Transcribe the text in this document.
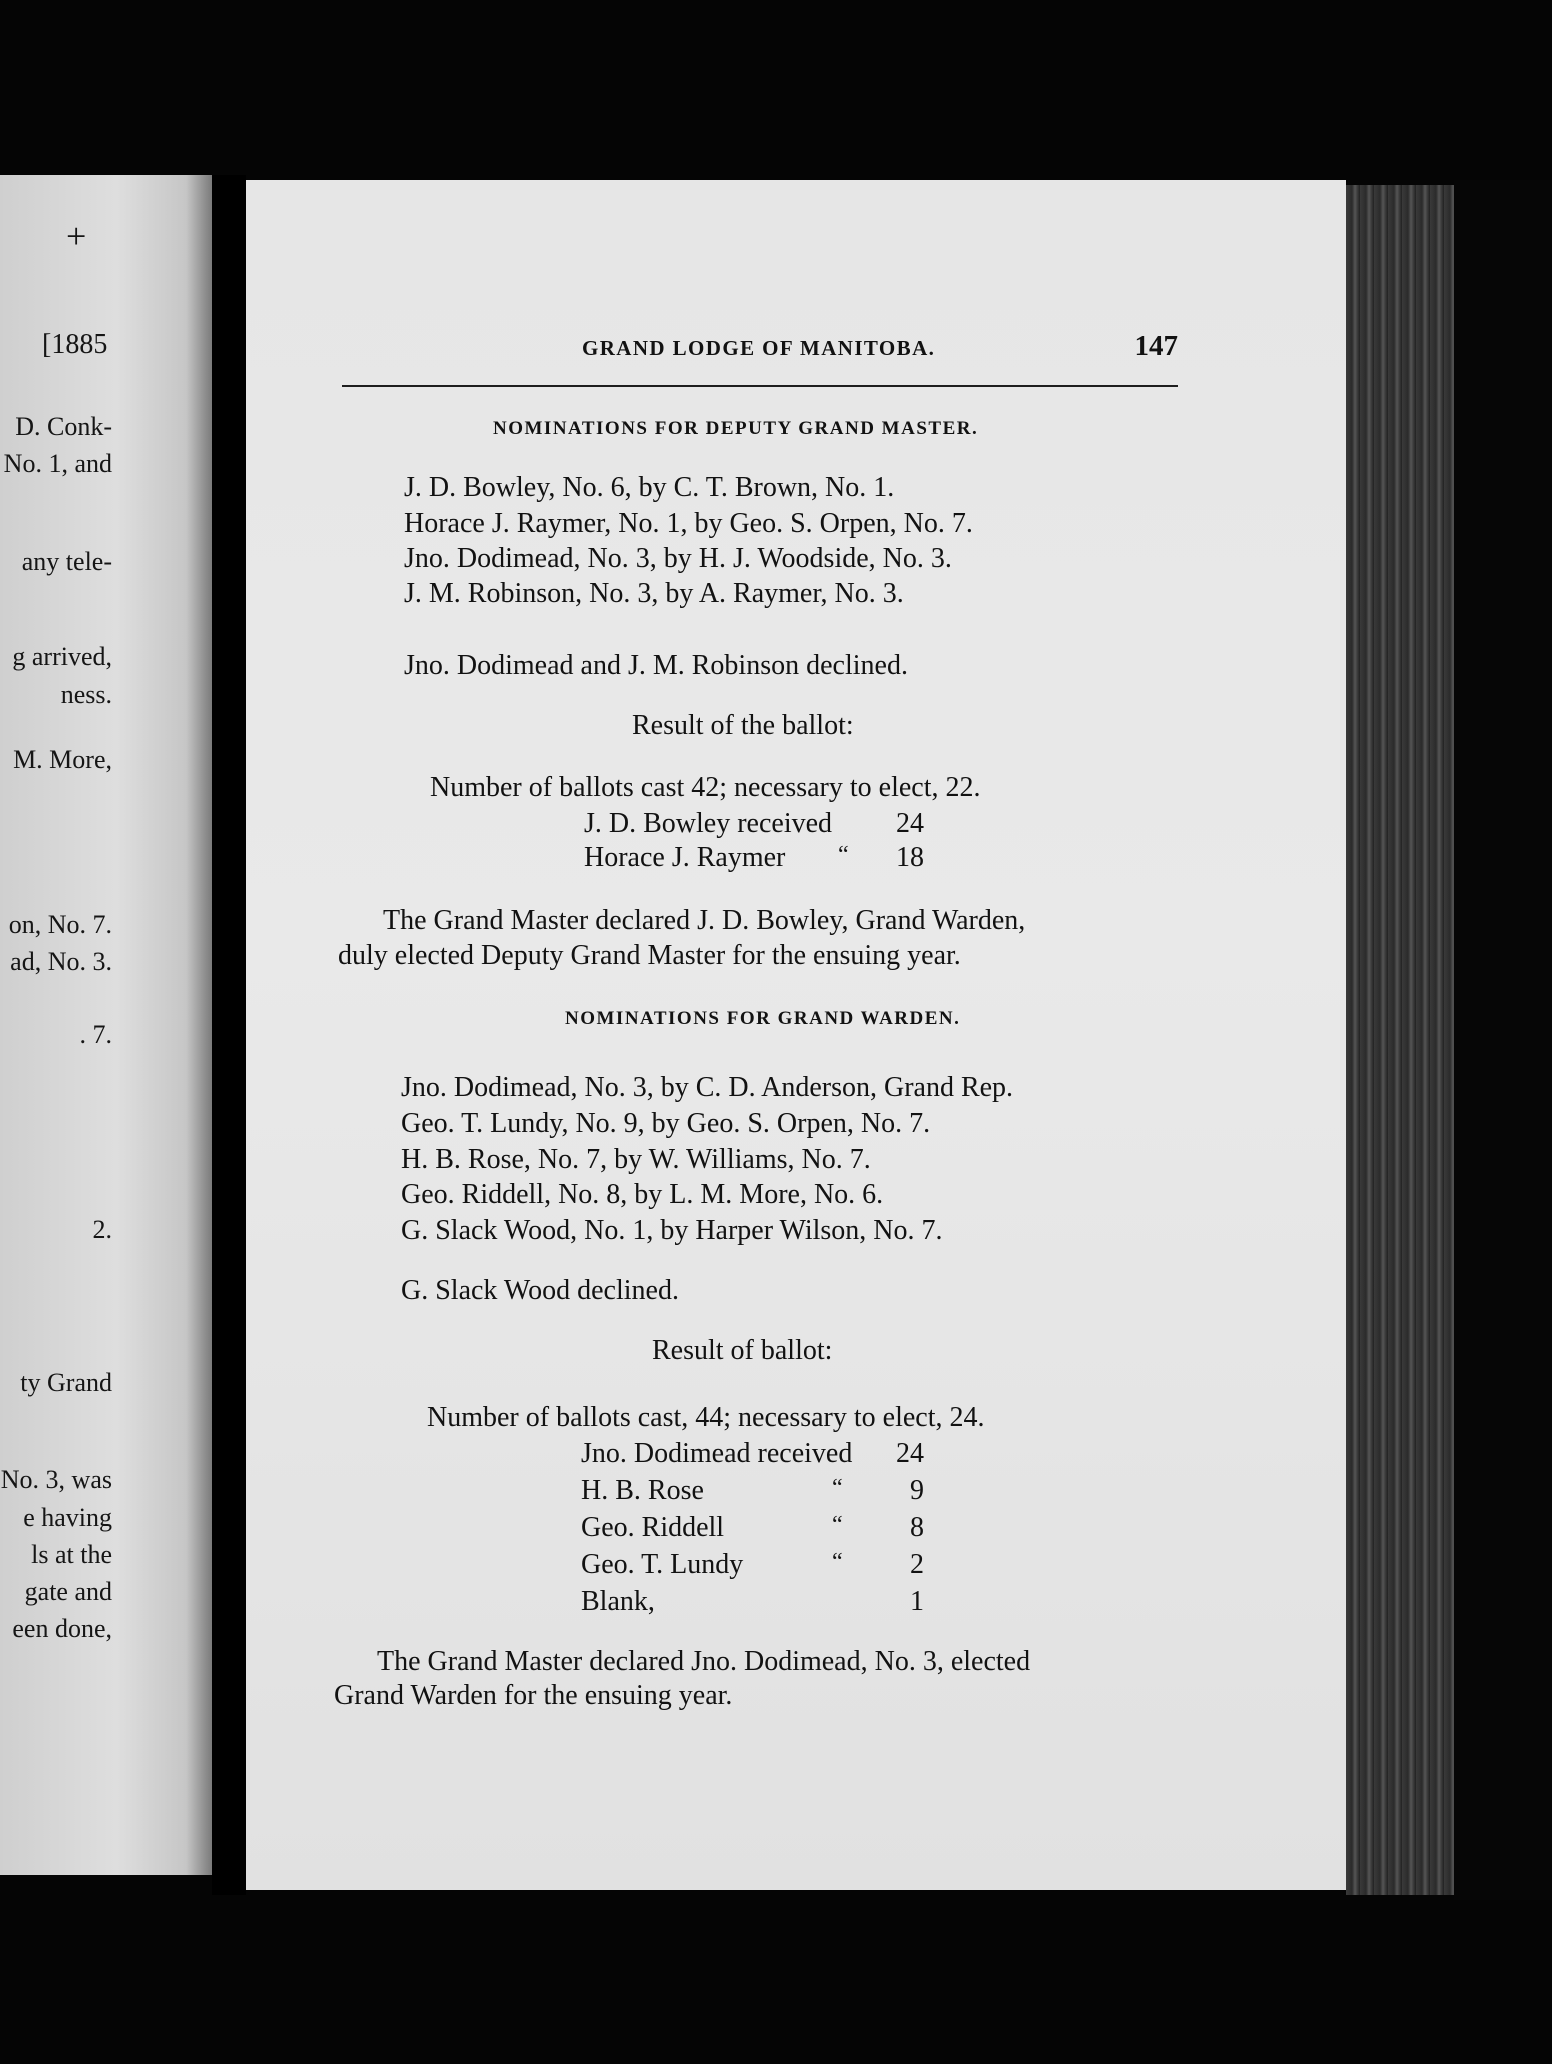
+
[1885
D. Conk-
No. 1, and
any tele-
g arrived,
ness.
M. More,
on, No. 7.
ad, No. 3.
. 7.
2.
ty Grand
No. 3, was
e having
ls at the
gate and
een done,
GRAND LODGE OF MANITOBA.	147
NOMINATIONS FOR DEPUTY GRAND MASTER.
J. D. Bowley, No. 6, by C. T. Brown, No. 1.
Horace J. Raymer, No. 1, by Geo. S. Orpen, No. 7.
Jno. Dodimead, No. 3, by H. J. Woodside, No. 3.
J. M. Robinson, No. 3, by A. Raymer, No. 3.
Jno. Dodimead and J. M. Robinson declined.
Result of the ballot:
Number of ballots cast 42; necessary to elect, 22.
J. D. Bowley received 24
Horace J. Raymer “ 18
The Grand Master declared J. D. Bowley, Grand Warden,
duly elected Deputy Grand Master for the ensuing year.
NOMINATIONS FOR GRAND WARDEN.
Jno. Dodimead, No. 3, by C. D. Anderson, Grand Rep.
Geo. T. Lundy, No. 9, by Geo. S. Orpen, No. 7.
H. B. Rose, No. 7, by W. Williams, No. 7.
Geo. Riddell, No. 8, by L. M. More, No. 6.
G. Slack Wood, No. 1, by Harper Wilson, No. 7.
G. Slack Wood declined.
Result of ballot:
Number of ballots cast, 44; necessary to elect, 24.
Jno. Dodimead received 24
H. B. Rose	“ 9
Geo. Riddell	“ 8
Geo. T. Lundy	“ 2
Blank,	1
The Grand Master declared Jno. Dodimead, No. 3, elected
Grand Warden for the ensuing year.
